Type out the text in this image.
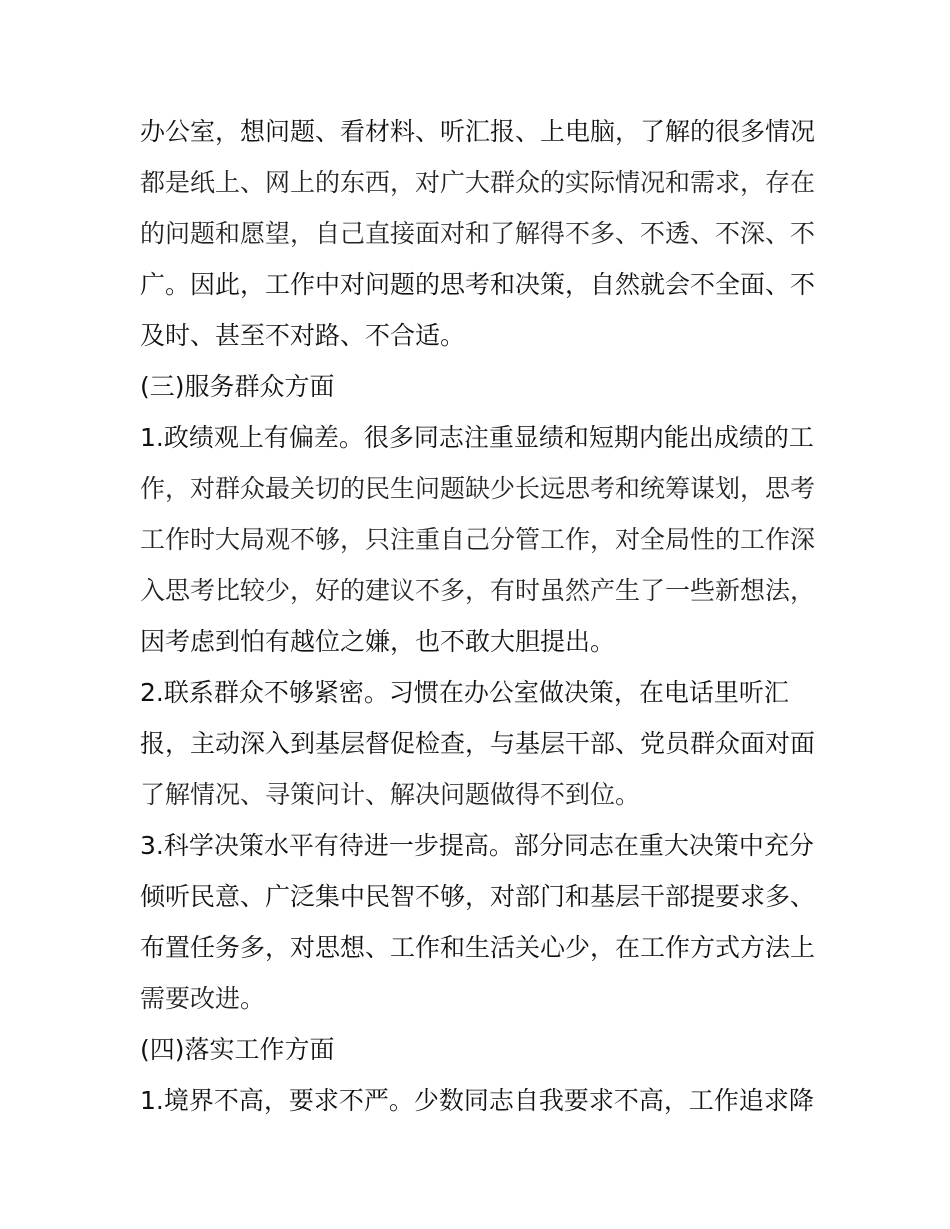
办公室，想问题、看材料、听汇报、上电脑，了解的很多情况
都是纸上、网上的东西，对广大群众的实际情况和需求，存在
的问题和愿望，自己直接面对和了解得不多、不透、不深、不
广。因此，工作中对问题的思考和决策，自然就会不全面、不
及时、甚至不对路、不合适。
(三)服务群众方面
1.政绩观上有偏差。很多同志注重显绩和短期内能出成绩的工
作，对群众最关切的民生问题缺少长远思考和统筹谋划，思考
工作时大局观不够，只注重自己分管工作，对全局性的工作深
入思考比较少，好的建议不多，有时虽然产生了一些新想法，
因考虑到怕有越位之嫌，也不敢大胆提出。
2.联系群众不够紧密。习惯在办公室做决策，在电话里听汇
报，主动深入到基层督促检查，与基层干部、党员群众面对面
了解情况、寻策问计、解决问题做得不到位。
3.科学决策水平有待进一步提高。部分同志在重大决策中充分
倾听民意、广泛集中民智不够，对部门和基层干部提要求多、
布置任务多，对思想、工作和生活关心少，在工作方式方法上
需要改进。
(四)落实工作方面
1.境界不高，要求不严。少数同志自我要求不高，工作追求降
